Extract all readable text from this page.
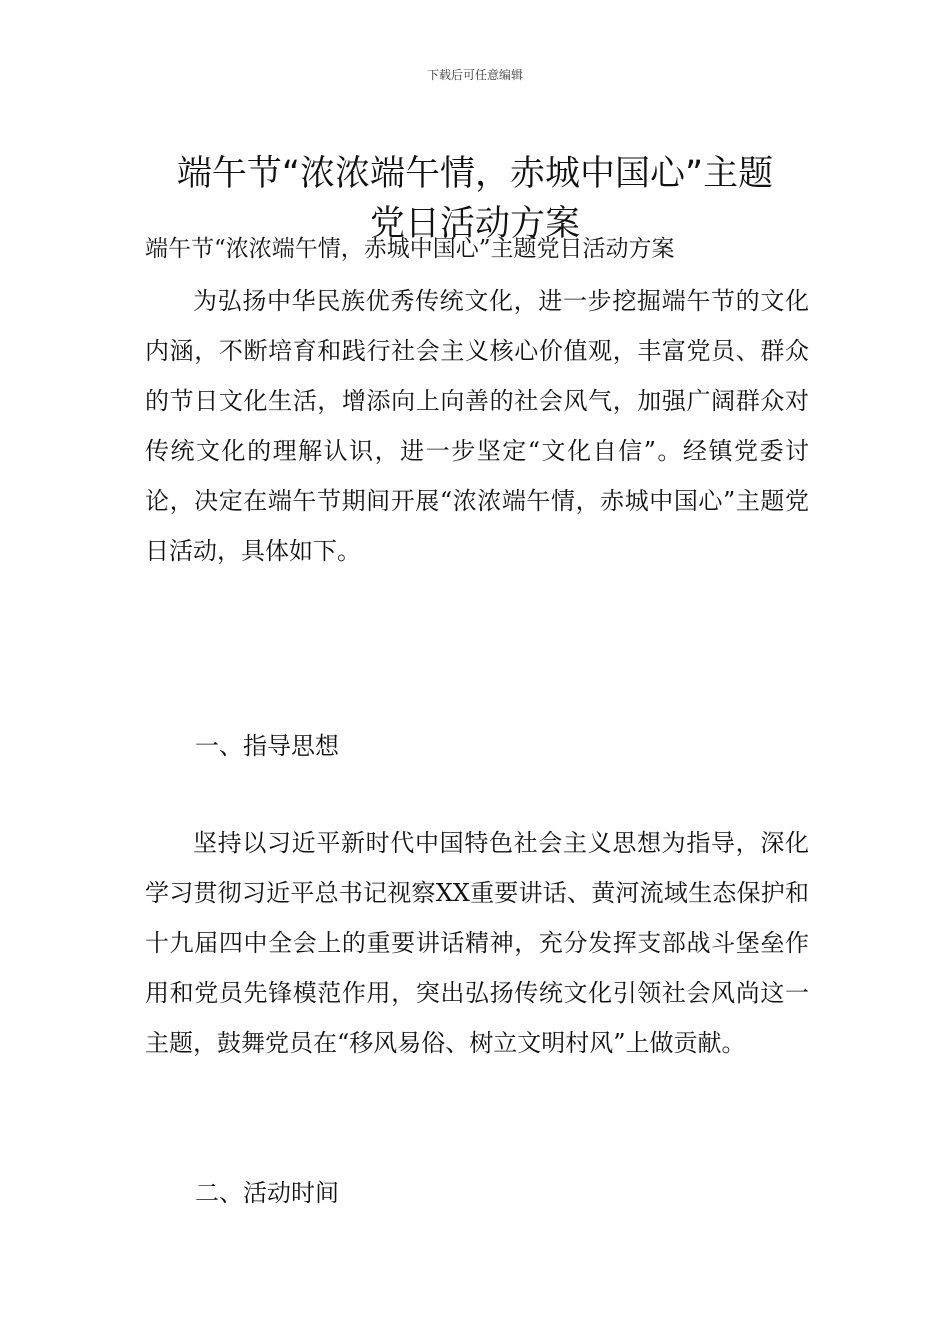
下载后可任意编辑
端午节“浓浓端午情，赤城中国心”主题
党日活动方案
端午节“浓浓端午情，赤城中国心”主题党日活动方案

为弘扬中华民族优秀传统文化，进一步挖掘端午节的文化内涵，不断培育和践行社会主义核心价值观，丰富党员、群众的节日文化生活，增添向上向善的社会风气，加强广阔群众对传统文化的理解认识，进一步坚定“文化自信”。经镇党委讨论，决定在端午节期间开展“浓浓端午情，赤城中国心”主题党日活动，具体如下。

一、指导思想

坚持以习近平新时代中国特色社会主义思想为指导，深化学习贯彻习近平总书记视察XX重要讲话、黄河流域生态保护和十九届四中全会上的重要讲话精神，充分发挥支部战斗堡垒作用和党员先锋模范作用，突出弘扬传统文化引领社会风尚这一主题，鼓舞党员在“移风易俗、树立文明村风”上做贡献。

二、活动时间
